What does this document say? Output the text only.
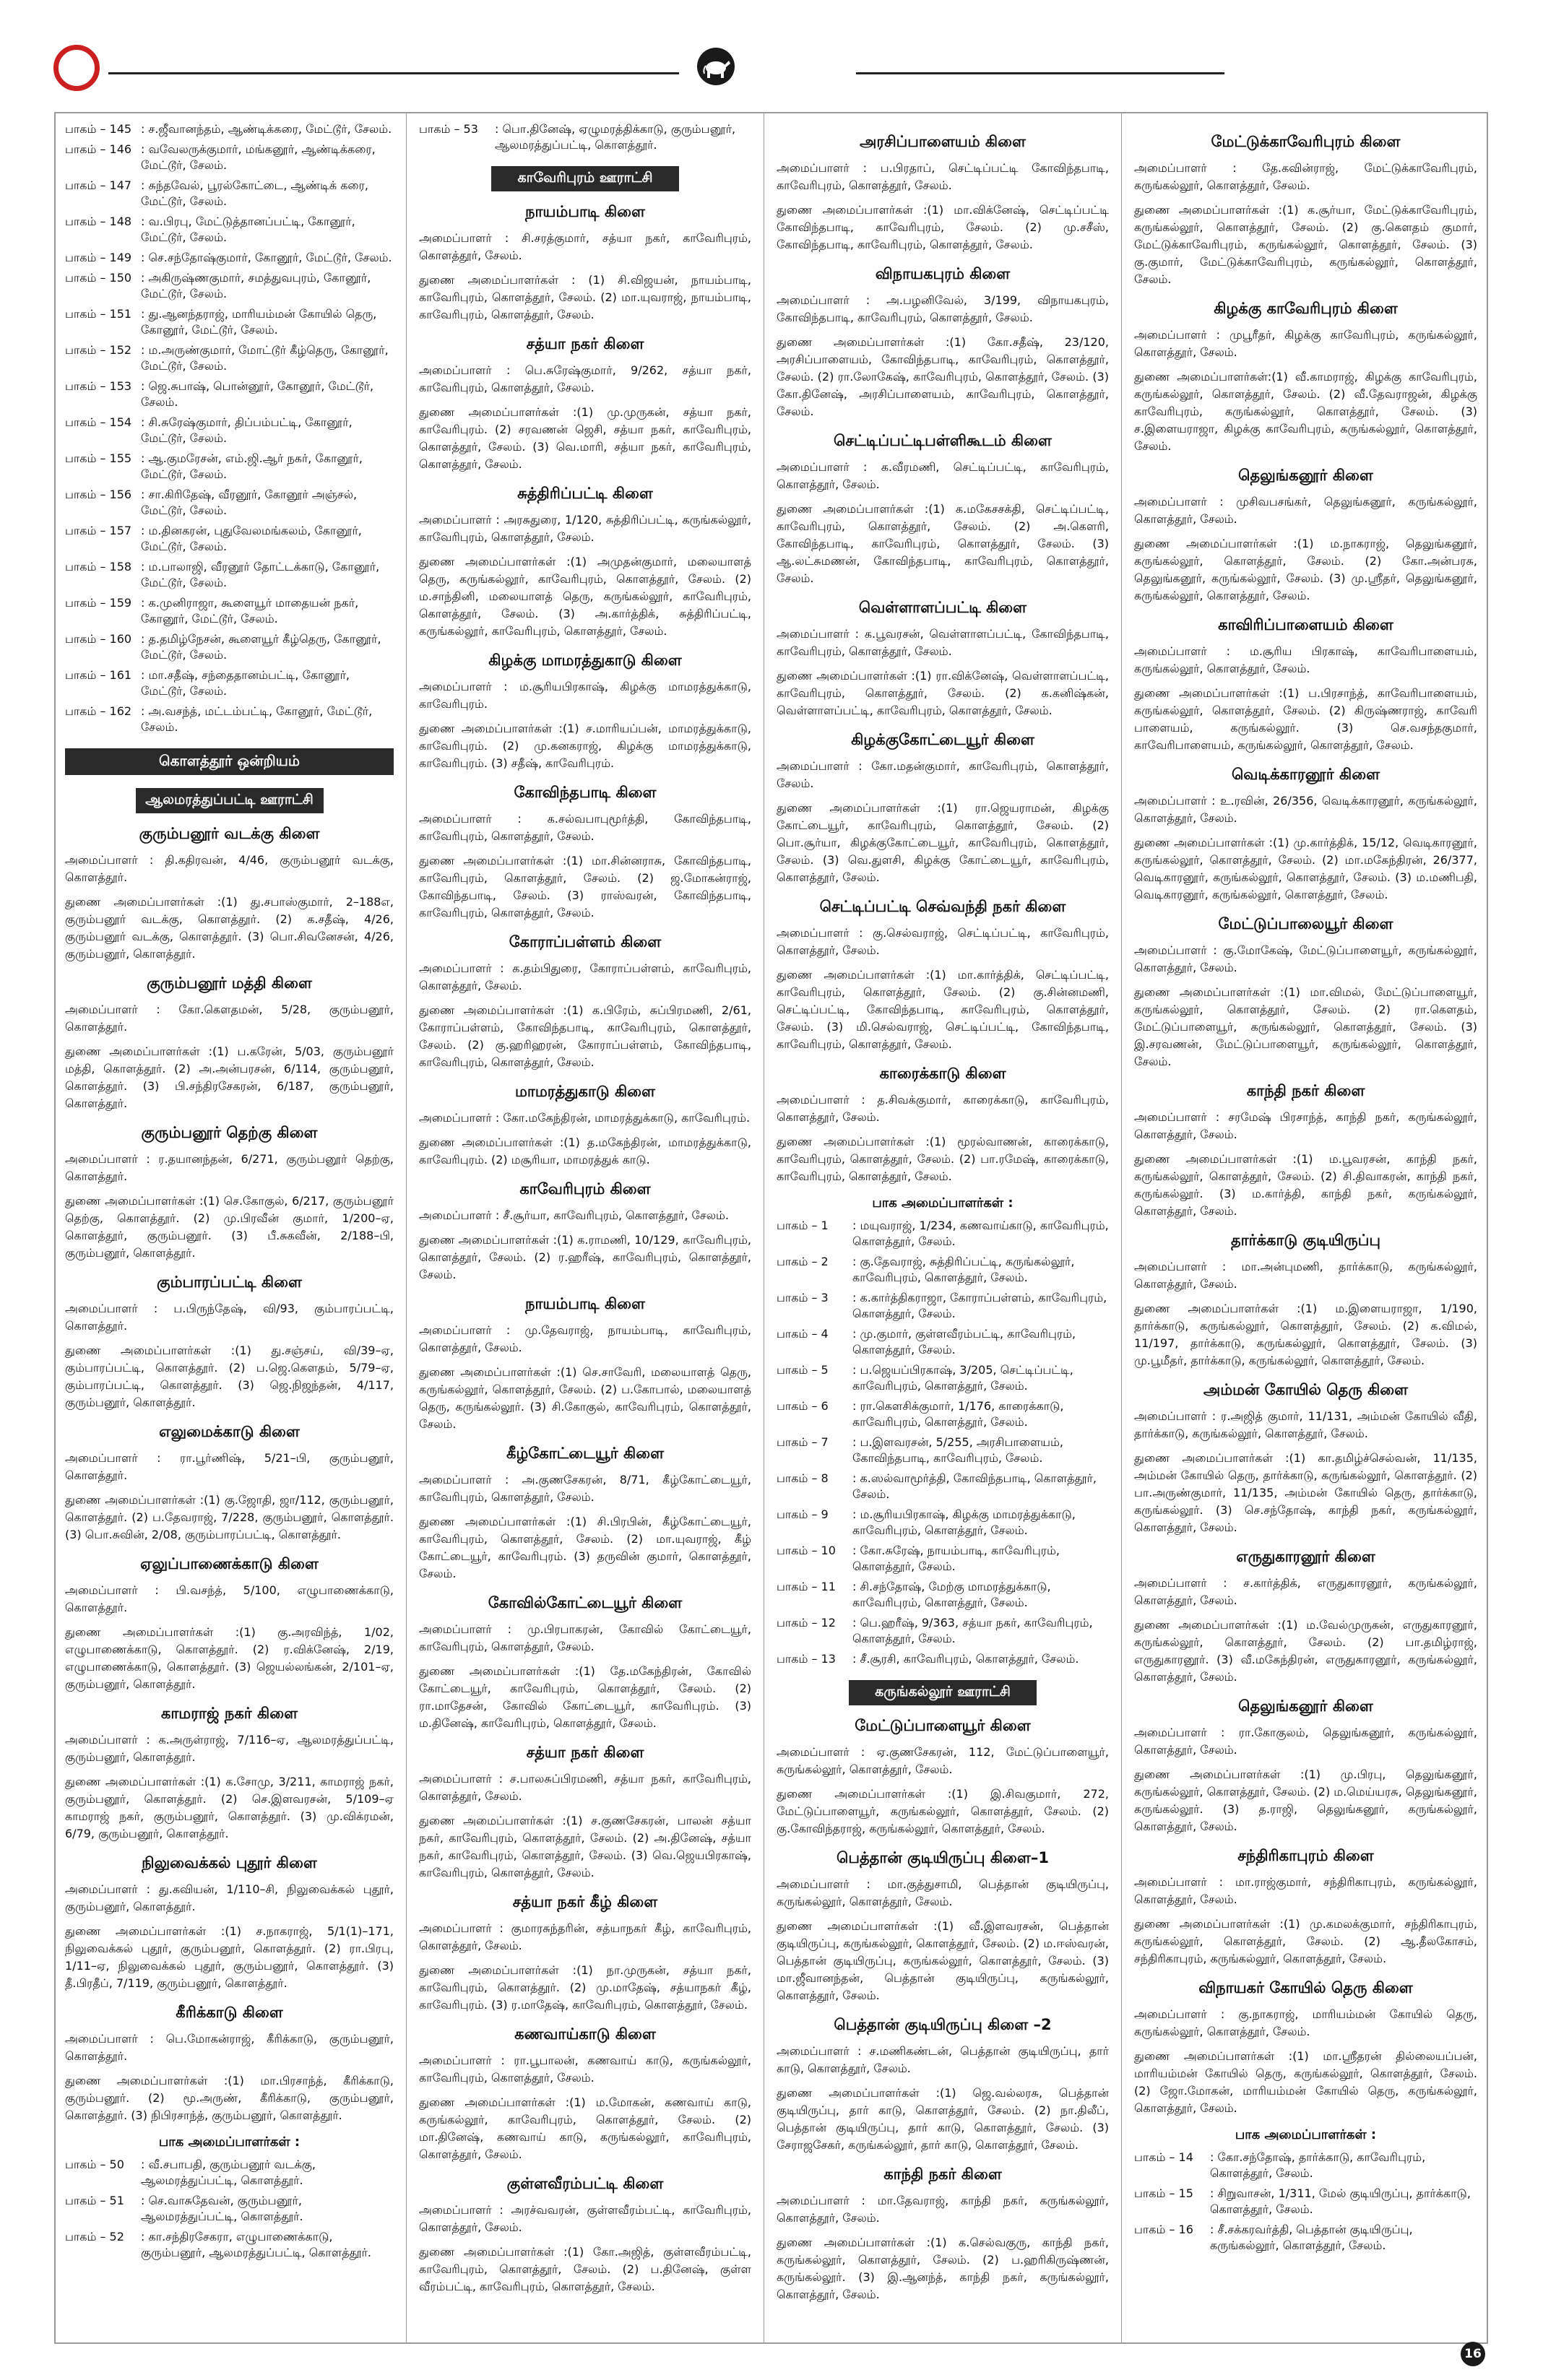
பாகம் – 145 : ச.ஜீவானந்தம், ஆண்டிக்கரை, மேட்டூர், சேலம்.
பாகம் – 146 : வவேலருக்குமார், மங்கனூர், ஆண்டிக்கரை, மேட்டூர், சேலம்.
பாகம் – 147 : சுந்தவேல், பூரல்கோட்டை, ஆண்டிக் கரை, மேட்டூர், சேலம்.
பாகம் – 148 : வ.பிரபு, மேட்டுத்தானப்பட்டி, கோனூர், மேட்டூர், சேலம்.
பாகம் – 149 : செ.சந்தோஷ்குமார், கோனூர், மேட்டூர், சேலம்.
பாகம் – 150 : அகிருஷ்ணகுமார், சமத்துவபுரம், கோனூர், மேட்டூர், சேலம்.
பாகம் – 151 : து.ஆனந்தராஜ், மாரியம்மன் கோயில் தெரு, கோனூர், மேட்டூர், சேலம்.
பாகம் – 152 : ம.அருண்குமார், மோட்டூர் கீழ்தெரு, கோனூர், மேட்டூர், சேலம்.
பாகம் – 153 : ஜெ.சுபாஷ், பொன்னூர், கோனூர், மேட்டூர், சேலம்.
பாகம் – 154 : சி.சுரேஷ்குமார், திப்பம்பட்டி, கோனூர், மேட்டூர், சேலம்.
பாகம் – 155 : ஆ.குமரேசன், எம்.ஜி.ஆர் நகர், கோனூர், மேட்டூர், சேலம்.
பாகம் – 156 : சா.கிரிதேஷ், வீரனூர், கோனூர் அஞ்சல், மேட்டூர், சேலம்.
பாகம் – 157 : ம.தினகரன், புதுவேலமங்கலம், கோனூர், மேட்டூர், சேலம்.
பாகம் – 158 : ம.பாலாஜி, வீரனூர் தோட்டக்காடு, கோனூர், மேட்டூர், சேலம்.
பாகம் – 159 : க.முனிராஜா, கூளையூர் மாதையன் நகர், கோனூர், மேட்டூர், சேலம்.
பாகம் – 160 : த.தமிழ்நேசன், கூளையூர் கீழ்தெரு, கோனூர், மேட்டூர், சேலம்.
பாகம் – 161 : மா.சதீஷ், சந்தைதானம்பட்டி, கோனூர், மேட்டூர், சேலம்.
பாகம் – 162 : அ.வசந்த், மட்டம்பட்டி, கோனூர், மேட்டூர், சேலம்.
கொளத்தூர் ஒன்றியம்
ஆலமரத்துப்பட்டி ஊராட்சி
குரும்பனூர் வடக்கு கிளை

அமைப்பாளர் : தி.கதிரவன், 4/46, குரும்பனூர் வடக்கு, கொளத்தூர்.

துணை அமைப்பாளர்கள் :(1) து.சபாஸ்குமார், 2–188எ, குரும்பனூர் வடக்கு, கொளத்தூர். (2) க.சதீஷ், 4/26, குரும்பனூர் வடக்கு, கொளத்தூர். (3) பொ.சிவனேசன், 4/26, குரும்பனூர், கொளத்தூர்.

குரும்பனூர் மத்தி கிளை

அமைப்பாளர் : கோ.கௌதமன், 5/28, குரும்பனூர், கொளத்தூர்.

துணை அமைப்பாளர்கள் :(1) ப.கரேன், 5/03, குரும்பனூர் மத்தி, கொளத்தூர். (2) அ.அன்பரசன், 6/114, குரும்பனூர், கொளத்தூர். (3) பி.சந்திரசேகரன், 6/187, குரும்பனூர், கொளத்தூர்.

குரும்பனூர் தெற்கு கிளை

அமைப்பாளர் : ர.தயானந்தன், 6/271, குரும்பனூர் தெற்கு, கொளத்தூர்.

துணை அமைப்பாளர்கள் :(1) செ.கோகுல், 6/217, குரும்பனூர் தெற்கு, கொளத்தூர். (2) மு.பிரவீன் குமார், 1/200–ஏ, கொளத்தூர், குரும்பனூர். (3) பீ.சுகவீன், 2/188–பி, குரும்பனூர், கொளத்தூர்.

கும்பாரப்பட்டி கிளை

அமைப்பாளர் : ப.பிருந்தேஷ், வி/93, கும்பாரப்பட்டி, கொளத்தூர்.

துணை அமைப்பாளர்கள் :(1) து.சஞ்சய், வி/39–ஏ, கும்பாரப்பட்டி, கொளத்தூர். (2) ப.ஜெ.கௌதம், 5/79–ஏ, கும்பாரப்பட்டி, கொளத்தூர். (3) ஜெ.நிஜந்தன், 4/117, குரும்பனூர், கொளத்தூர்.

எலுமைக்காடு கிளை

அமைப்பாளர் : ரா.பூர்ணிஷ், 5/21–பி, குரும்பனூர், கொளத்தூர்.

துணை அமைப்பாளர்கள் :(1) கு.ஜோதி, ஜா/112, குரும்பனூர், கொளத்தூர். (2) ப.தேவராஜ், 7/228, குரும்பனூர், கொளத்தூர். (3) பொ.சுவின், 2/08, குரும்பாரப்பட்டி, கொளத்தூர்.

ஏலுப்பாணைக்காடு கிளை

அமைப்பாளர் : பி.வசந்த், 5/100, எழுபாணைக்காடு, கொளத்தூர்.

துணை அமைப்பாளர்கள் :(1) கு.அரவிந்த், 1/02, எழுபாணைக்காடு, கொளத்தூர். (2) ர.விக்னேஷ், 2/19, எழுபாணைக்காடு, கொளத்தூர். (3) ஜெயல்லங்கன், 2/101–ஏ, குரும்பனூர், கொளத்தூர்.

காமராஜ் நகர் கிளை

அமைப்பாளர் : க.அருள்ராஜ், 7/116–ஏ, ஆலமரத்துப்பட்டி, குரும்பனூர், கொளத்தூர்.

துணை அமைப்பாளர்கள் :(1) க.சோமு, 3/211, காமராஜ் நகர், குரும்பனூர், கொளத்தூர். (2) செ.இளவரசன், 5/109–ஏ காமராஜ் நகர், குரும்பனூர், கொளத்தூர். (3) மு.விக்ரமன், 6/79, குரும்பனூர், கொளத்தூர்.

நிலுவைக்கல் புதூர் கிளை

அமைப்பாளர் : து.கவியன், 1/110–சி, நிலுவைக்கல் புதூர், குரும்பனூர், கொளத்தூர்.

துணை அமைப்பாளர்கள் :(1) ச.நாகராஜ், 5/1(1)–171, நிலுவைக்கல் புதூர், குரும்பனூர், கொளத்தூர். (2) ரா.பிரபு, 1/11–ஏ, நிலுவைக்கல் புதூர், குரும்பனூர், கொளத்தூர். (3) தீ.பிரதீப், 7/119, குரும்பனூர், கொளத்தூர்.

கீரிக்காடு கிளை

அமைப்பாளர் : பெ.மோகன்ராஜ், கீரிக்காடு, குரும்பனூர், கொளத்தூர்.

துணை அமைப்பாளர்கள் :(1) மா.பிரசாந்த், கீரிக்காடு, குரும்பனூர். (2) மூ.அருண், கீரிக்காடு, குரும்பனூர், கொளத்தூர். (3) நிபிரசாந்த், குரும்பனூர், கொளத்தூர்.

பாக அமைப்பாளர்கள் :
பாகம் – 50	: வீ.சபாபதி, குரும்பனூர் வடக்கு, ஆலமரத்துப்பட்டி, கொளத்தூர்.
பாகம் – 51	: செ.வாசுதேவன், குரும்பனூர், ஆலமரத்துப்பட்டி, கொளத்தூர்.
பாகம் – 52	: கா.சந்திரசேகரா, எழுபாணைக்காடு, குரும்பனூர், ஆலமரத்துப்பட்டி, கொளத்தூர்.
பாகம் – 53	: பொ.தினேஷ், ஏழுமரத்திக்காடு, குரும்பனூர், ஆலமரத்துப்பட்டி, கொளத்தூர்.
காவேரிபுரம் ஊராட்சி
நாயம்பாடி கிளை

அமைப்பாளர் : சி.சரத்குமார், சத்யா நகர், காவேரிபுரம், கொளத்தூர், சேலம்.

துணை அமைப்பாளர்கள் : (1) சி.விஜயன், நாயம்பாடி, காவேரிபுரம், கொளத்தூர், சேலம். (2) மா.யுவராஜ், நாயம்பாடி, காவேரிபுரம், கொளத்தூர், சேலம்.

சத்யா நகர் கிளை

அமைப்பாளர் : பெ.சுரேஷ்குமார், 9/262, சத்யா நகர், காவேரிபுரம், கொளத்தூர், சேலம்.

துணை அமைப்பாளர்கள் :(1) மு.முருகன், சத்யா நகர், காவேரிபுரம். (2) சரவணன் ஜெசி, சத்யா நகர், காவேரிபுரம், கொளத்தூர், சேலம். (3) வெ.மாரி, சத்யா நகர், காவேரிபுரம், கொளத்தூர், சேலம்.

சுத்திரிப்பட்டி கிளை

அமைப்பாளர் : அரசுதுரை, 1/120, சுத்திரிப்பட்டி, கருங்கல்லூர், காவேரிபுரம், கொளத்தூர், சேலம்.

துணை அமைப்பாளர்கள் :(1) அமுதன்குமார், மலையாளத் தெரு, கருங்கல்லூர், காவேரிபுரம், கொளத்தூர், சேலம். (2) ம.சாந்தினி, மலையாளத் தெரு, கருங்கல்லூர், காவேரிபுரம், கொளத்தூர், சேலம். (3) அ.கார்த்திக், சுத்திரிப்பட்டி, கருங்கல்லூர், காவேரிபுரம், கொளத்தூர், சேலம்.

கிழக்கு மாமரத்துகாடு கிளை

அமைப்பாளர் : ம.சூரியபிரகாஷ், கிழக்கு மாமரத்துக்காடு, காவேரிபுரம்.

துணை அமைப்பாளர்கள் :(1) ச.மாரியப்பன், மாமரத்துக்காடு, காவேரிபுரம். (2) மு.கனகராஜ், கிழக்கு மாமரத்துக்காடு, காவேரிபுரம். (3) சதீஷ், காவேரிபுரம்.

கோவிந்தபாடி கிளை

அமைப்பாளர் : க.சல்வபாபுமூர்த்தி, கோவிந்தபாடி, காவேரிபுரம், கொளத்தூர், சேலம்.

துணை அமைப்பாளர்கள் :(1) மா.சின்னராசு, கோவிந்தபாடி, காவேரிபுரம், கொளத்தூர், சேலம். (2) ஜ.மோகன்ராஜ், கோவிந்தபாடி, சேலம். (3) ராஸ்வரன், கோவிந்தபாடி, காவேரிபுரம், கொளத்தூர், சேலம்.

கோராப்பள்ளம் கிளை

அமைப்பாளர் : க.தம்பிதுரை, கோராப்பள்ளம், காவேரிபுரம், கொளத்தூர், சேலம்.

துணை அமைப்பாளர்கள் :(1) க.பிரேம், சுப்பிரமணி, 2/61, கோராப்பள்ளம், கோவிந்தபாடி, காவேரிபுரம், கொளத்தூர், சேலம். (2) கு.ஹரிஹரன், கோராப்பள்ளம், கோவிந்தபாடி, காவேரிபுரம், கொளத்தூர், சேலம்.

மாமரத்துகாடு கிளை

அமைப்பாளர் : கோ.மகேந்திரன், மாமரத்துக்காடு, காவேரிபுரம்.

துணை அமைப்பாளர்கள் :(1) த.மகேந்திரன், மாமரத்துக்காடு, காவேரிபுரம். (2) மசூரியா, மாமரத்துக் காடு.

காவேரிபுரம் கிளை

அமைப்பாளர் : சீ.சூர்யா, காவேரிபுரம், கொளத்தூர், சேலம்.

துணை அமைப்பாளர்கள் :(1) க.ராமணி, 10/129, காவேரிபுரம், கொளத்தூர், சேலம். (2) ர.ஹரீஷ், காவேரிபுரம், கொளத்தூர், சேலம்.

நாயம்பாடி கிளை

அமைப்பாளர் : மு.தேவராஜ், நாயம்பாடி, காவேரிபுரம், கொளத்தூர், சேலம்.

துணை அமைப்பாளர்கள் :(1) செ.சாவேரி, மலையாளத் தெரு, கருங்கல்லூர், கொளத்தூர், சேலம். (2) ப.கோபால், மலையாளத் தெரு, கருங்கல்லூர். (3) சி.கோகுல், காவேரிபுரம், கொளத்தூர், சேலம்.

கீழ்கோட்டையூர் கிளை

அமைப்பாளர் : அ.குணசேகரன், 8/71, கீழ்கோட்டையூர், காவேரிபுரம், கொளத்தூர், சேலம்.

துணை அமைப்பாளர்கள் :(1) சி.பிரபின், கீழ்கோட்டையூர், காவேரிபுரம், கொளத்தூர், சேலம். (2) மா.யுவராஜ், கீழ் கோட்டையூர், காவேரிபுரம். (3) தருவின் குமார், கொளத்தூர், சேலம்.

கோவில்கோட்டையூர் கிளை

அமைப்பாளர் : மு.பிரபாகரன், கோவில் கோட்டையூர், காவேரிபுரம், கொளத்தூர், சேலம்.

துணை அமைப்பாளர்கள் :(1) தே.மகேந்திரன், கோவில் கோட்டையூர், காவேரிபுரம், கொளத்தூர், சேலம். (2) ரா.மாதேசன், கோவில் கோட்டையூர், காவேரிபுரம். (3) ம.தினேஷ், காவேரிபுரம், கொளத்தூர், சேலம்.

சத்யா நகர் கிளை

அமைப்பாளர் : ச.பாலசுப்பிரமணி, சத்யா நகர், காவேரிபுரம், கொளத்தூர், சேலம்.

துணை அமைப்பாளர்கள் :(1) ச.குணசேகரன், பாலன் சத்யா நகர், காவேரிபுரம், கொளத்தூர், சேலம். (2) அ.தினேஷ், சத்யா நகர், காவேரிபுரம், கொளத்தூர், சேலம். (3) வெ.ஜெயபிரகாஷ், காவேரிபுரம், கொளத்தூர், சேலம்.

சத்யா நகர் கீழ் கிளை

அமைப்பாளர் : குமாரசுந்தரின், சத்யாநகர் கீழ், காவேரிபுரம், கொளத்தூர், சேலம்.

துணை அமைப்பாளர்கள் :(1) நா.முருகன், சத்யா நகர், காவேரிபுரம், கொளத்தூர். (2) மு.மாதேஷ், சத்யாநகர் கீழ், காவேரிபுரம். (3) ர.மாதேஷ், காவேரிபுரம், கொளத்தூர், சேலம்.

கணவாய்காடு கிளை

அமைப்பாளர் : ரா.பூபாலன், கணவாய் காடு, கருங்கல்லூர், காவேரிபுரம், கொளத்தூர், சேலம்.

துணை அமைப்பாளர்கள் :(1) ம.மோகன், கணவாய் காடு, கருங்கல்லூர், காவேரிபுரம், கொளத்தூர், சேலம். (2) மா.தினேஷ், கணவாய் காடு, கருங்கல்லூர், காவேரிபுரம், கொளத்தூர், சேலம்.

குள்ளவீரம்பட்டி கிளை

அமைப்பாளர் : அரச்வவரன், குள்ளவீரம்பட்டி, காவேரிபுரம், கொளத்தூர், சேலம்.

துணை அமைப்பாளர்கள் :(1) கோ.அஜித், குள்ளவீரம்பட்டி, காவேரிபுரம், கொளத்தூர், சேலம். (2) ப.தினேஷ், குள்ள வீரம்பட்டி, காவேரிபுரம், கொளத்தூர், சேலம்.

அரசிப்பாளையம் கிளை

அமைப்பாளர் : ப.பிரதாப், செட்டிப்பட்டி கோவிந்தபாடி, காவேரிபுரம், கொளத்தூர், சேலம்.

துணை அமைப்பாளர்கள் :(1) மா.விக்னேஷ், செட்டிப்பட்டி கோவிந்தபாடி, காவேரிபுரம், சேலம். (2) மு.சசீஸ், கோவிந்தபாடி, காவேரிபுரம், கொளத்தூர், சேலம்.

விநாயகபுரம் கிளை

அமைப்பாளர் : அ.பழனிவேல், 3/199, விநாயகபுரம், கோவிந்தபாடி, காவேரிபுரம், கொளத்தூர், சேலம்.

துணை அமைப்பாளர்கள் :(1) கோ.சதீஷ், 23/120, அரசிப்பாளையம், கோவிந்தபாடி, காவேரிபுரம், கொளத்தூர், சேலம். (2) ரா.லோகேஷ், காவேரிபுரம், கொளத்தூர், சேலம். (3) கோ.தினேஷ், அரசிப்பாளையம், காவேரிபுரம், கொளத்தூர், சேலம்.

செட்டிப்பட்டிபள்ளிகூடம் கிளை

அமைப்பாளர் : க.வீரமணி, செட்டிப்பட்டி, காவேரிபுரம், கொளத்தூர், சேலம்.

துணை அமைப்பாளர்கள் :(1) க.மகேசசக்தி, செட்டிப்பட்டி, காவேரிபுரம், கொளத்தூர், சேலம். (2) அ.கௌரி, கோவிந்தபாடி, காவேரிபுரம், கொளத்தூர், சேலம். (3) ஆ.லட்சுமணன், கோவிந்தபாடி, காவேரிபுரம், கொளத்தூர், சேலம்.

வெள்ளாளப்பட்டி கிளை

அமைப்பாளர் : க.பூவரசன், வெள்ளாளப்பட்டி, கோவிந்தபாடி, காவேரிபுரம், கொளத்தூர், சேலம்.

துணை அமைப்பாளர்கள் :(1) ரா.விக்னேஷ், வெள்ளாளப்பட்டி, காவேரிபுரம், கொளத்தூர், சேலம். (2) க.கனிஷ்கன், வெள்ளாளப்பட்டி, காவேரிபுரம், கொளத்தூர், சேலம்.

கிழக்குகோட்டையூர் கிளை

அமைப்பாளர் : கோ.மதன்குமார், காவேரிபுரம், கொளத்தூர், சேலம்.

துணை அமைப்பாளர்கள் :(1) ரா.ஜெயராமன், கிழக்கு கோட்டையூர், காவேரிபுரம், கொளத்தூர், சேலம். (2) பொ.சூர்யா, கிழக்குகோட்டையூர், காவேரிபுரம், கொளத்தூர், சேலம். (3) வெ.துளசி, கிழக்கு கோட்டையூர், காவேரிபுரம், கொளத்தூர், சேலம்.

செட்டிப்பட்டி செவ்வந்தி நகர் கிளை

அமைப்பாளர் : கு.செல்வராஜ், செட்டிப்பட்டி, காவேரிபுரம், கொளத்தூர், சேலம்.

துணை அமைப்பாளர்கள் :(1) மா.கார்த்திக், செட்டிப்பட்டி, காவேரிபுரம், கொளத்தூர், சேலம். (2) கு.சின்னமணி, செட்டிப்பட்டி, கோவிந்தபாடி, காவேரிபுரம், கொளத்தூர், சேலம். (3) மி.செல்வராஜ், செட்டிப்பட்டி, கோவிந்தபாடி, காவேரிபுரம், கொளத்தூர், சேலம்.

காரைக்காடு கிளை

அமைப்பாளர் : த.சிவக்குமார், காரைக்காடு, காவேரிபுரம், கொளத்தூர், சேலம்.

துணை அமைப்பாளர்கள் :(1) மூரல்வாணன், காரைக்காடு, காவேரிபுரம், கொளத்தூர், சேலம். (2) பா.ரமேஷ், காரைக்காடு, காவேரிபுரம், கொளத்தூர், சேலம்.

பாக அமைப்பாளர்கள் :
பாகம் – 1	: மயுவராஜ், 1/234, கணவாய்காடு, காவேரிபுரம், கொளத்தூர், சேலம்.
பாகம் – 2	: கு.தேவராஜ், சுத்திரிப்பட்டி, கருங்கல்லூர், காவேரிபுரம், கொளத்தூர், சேலம்.
பாகம் – 3	: க.கார்த்திகராஜா, கோராப்பள்ளம், காவேரிபுரம், கொளத்தூர், சேலம்.
பாகம் – 4	: மு.குமார், குள்ளவீரம்பட்டி, காவேரிபுரம், கொளத்தூர், சேலம்.
பாகம் – 5	: ப.ஜெயப்பிரகாஷ், 3/205, செட்டிப்பட்டி, காவேரிபுரம், கொளத்தூர், சேலம்.
பாகம் – 6	: ரா.கௌசிக்குமார், 1/176, காரைக்காடு, காவேரிபுரம், கொளத்தூர், சேலம்.
பாகம் – 7	: ப.இளவரசன், 5/255, அரசிபாளையம், கோவிந்தபாடி, காவேரிபுரம், சேலம்.
பாகம் – 8	: க.ஸல்வாமூர்த்தி, கோவிந்தபாடி, கொளத்தூர், சேலம்.
பாகம் – 9	: ம.சூரியபிரகாஷ், கிழக்கு மாமரத்துக்காடு, காவேரிபுரம், கொளத்தூர், சேலம்.
பாகம் – 10	: கோ.சுரேஷ், நாயம்பாடி, காவேரிபுரம், கொளத்தூர், சேலம்.
பாகம் – 11	: சி.சந்தோஷ், மேற்கு மாமரத்துக்காடு, காவேரிபுரம், கொளத்தூர், சேலம்.
பாகம் – 12	: பெ.ஹரீஷ், 9/363, சத்யா நகர், காவேரிபுரம், கொளத்தூர், சேலம்.
பாகம் – 13	: சீ.சூரசி, காவேரிபுரம், கொளத்தூர், சேலம்.
கருங்கல்லூர் ஊராட்சி
மேட்டுப்பாளையூர் கிளை

அமைப்பாளர் : ஏ.குணசேகரன், 112, மேட்டுப்பாளையூர், கருங்கல்லூர், கொளத்தூர், சேலம்.

துணை அமைப்பாளர்கள் :(1) இ.சிவகுமார், 272, மேட்டுப்பாளையூர், கருங்கல்லூர், கொளத்தூர், சேலம். (2) கு.கோவிந்தராஜ், கருங்கல்லூர், கொளத்தூர், சேலம்.

பெத்தான் குடியிருப்பு கிளை–1

அமைப்பாளர் : மா.குத்துசாமி, பெத்தான் குடியிருப்பு, கருங்கல்லூர், கொளத்தூர், சேலம்.

துணை அமைப்பாளர்கள் :(1) வீ.இளவரசன், பெத்தான் குடியிருப்பு, கருங்கல்லூர், கொளத்தூர், சேலம். (2) ம.ஈஸ்வரன், பெத்தான் குடியிருப்பு, கருங்கல்லூர், கொளத்தூர், சேலம். (3) மா.ஜீவானந்தன், பெத்தான் குடியிருப்பு, கருங்கல்லூர், கொளத்தூர், சேலம்.

பெத்தான் குடியிருப்பு கிளை –2

அமைப்பாளர் : ச.மணிகண்டன், பெத்தான் குடியிருப்பு, தார் காடு, கொளத்தூர், சேலம்.

துணை அமைப்பாளர்கள் :(1) ஜெ.வல்லரசு, பெத்தான் குடியிருப்பு, தார் காடு, கொளத்தூர், சேலம். (2) நா.திலீப், பெத்தான் குடியிருப்பு, தார் காடு, கொளத்தூர், சேலம். (3) சேராஜசேகர், கருங்கல்லூர், தார் காடு, கொளத்தூர், சேலம்.

காந்தி நகர் கிளை

அமைப்பாளர் : மா.தேவராஜ், காந்தி நகர், கருங்கல்லூர், கொளத்தூர், சேலம்.

துணை அமைப்பாளர்கள் :(1) க.செல்வகுரு, காந்தி நகர், கருங்கல்லூர், கொளத்தூர், சேலம். (2) ப.ஹரிகிருஷ்ணன், கருங்கல்லூர். (3) இ.ஆனந்த், காந்தி நகர், கருங்கல்லூர், கொளத்தூர், சேலம்.

மேட்டுக்காவேரிபுரம் கிளை

அமைப்பாளர் : தே.கவின்ராஜ், மேட்டுக்காவேரிபுரம், கருங்கல்லூர், கொளத்தூர், சேலம்.

துணை அமைப்பாளர்கள் :(1) க.சூர்யா, மேட்டுக்காவேரிபுரம், கருங்கல்லூர், கொளத்தூர், சேலம். (2) கு.கௌதம் குமார், மேட்டுக்காவேரிபுரம், கருங்கல்லூர், கொளத்தூர், சேலம். (3) கு.குமார், மேட்டுக்காவேரிபுரம், கருங்கல்லூர், கொளத்தூர், சேலம்.

கிழக்கு காவேரிபுரம் கிளை

அமைப்பாளர் : முபூரீதர், கிழக்கு காவேரிபுரம், கருங்கல்லூர், கொளத்தூர், சேலம்.

துணை அமைப்பாளர்கள்:(1) வீ.காமராஜ், கிழக்கு காவேரிபுரம், கருங்கல்லூர், கொளத்தூர், சேலம். (2) வீ.தேவராஜன், கிழக்கு காவேரிபுரம், கருங்கல்லூர், கொளத்தூர், சேலம். (3) ச.இளையராஜா, கிழக்கு காவேரிபுரம், கருங்கல்லூர், கொளத்தூர், சேலம்.

தெலுங்கனூர் கிளை

அமைப்பாளர் : முசிவபசங்கர், தெலுங்கனூர், கருங்கல்லூர், கொளத்தூர், சேலம்.

துணை அமைப்பாளர்கள் :(1) ம.நாகராஜ், தெலுங்கனூர், கருங்கல்லூர், கொளத்தூர், சேலம். (2) கோ.அன்பரசு, தெலுங்கனூர், கருங்கல்லூர், சேலம். (3) மு.ஸ்ரீதர், தெலுங்கனூர், கருங்கல்லூர், கொளத்தூர், சேலம்.

காவிரிப்பாளையம் கிளை

அமைப்பாளர் : ம.சூரிய பிரகாஷ், காவேரிபாளையம், கருங்கல்லூர், கொளத்தூர், சேலம்.

துணை அமைப்பாளர்கள் :(1) ப.பிரசாந்த், காவேரிபாளையம், கருங்கல்லூர், கொளத்தூர், சேலம். (2) கிருஷ்ணராஜ், காவேரி பாளையம், கருங்கல்லூர். (3) செ.வசந்தகுமார், காவேரிபாளையம், கருங்கல்லூர், கொளத்தூர், சேலம்.

வெடிக்காரனூர் கிளை

அமைப்பாளர் : உ.ரவின், 26/356, வெடிக்காரனூர், கருங்கல்லூர், கொளத்தூர், சேலம்.

துணை அமைப்பாளர்கள் :(1) மு.கார்த்திக், 15/12, வெடிகாரனூர், கருங்கல்லூர், கொளத்தூர், சேலம். (2) மா.மகேந்திரன், 26/377, வெடிகாரனூர், கருங்கல்லூர், கொளத்தூர், சேலம். (3) ம.மணிபதி, வெடிகாரனூர், கருங்கல்லூர், கொளத்தூர், சேலம்.

மேட்டுப்பாலையூர் கிளை

அமைப்பாளர் : கு.மோகேஷ், மேட்டுப்பாளையூர், கருங்கல்லூர், கொளத்தூர், சேலம்.

துணை அமைப்பாளர்கள் :(1) மா.விமல், மேட்டுப்பாளையூர், கருங்கல்லூர், கொளத்தூர், சேலம். (2) ரா.கௌதம், மேட்டுப்பாளையூர், கருங்கல்லூர், கொளத்தூர், சேலம். (3) இ.சரவணன், மேட்டுப்பாளையூர், கருங்கல்லூர், கொளத்தூர், சேலம்.

காந்தி நகர் கிளை

அமைப்பாளர் : சரமேஷ் பிரசாந்த், காந்தி நகர், கருங்கல்லூர், கொளத்தூர், சேலம்.

துணை அமைப்பாளர்கள் :(1) ம.பூவரசன், காந்தி நகர், கருங்கல்லூர், கொளத்தூர், சேலம். (2) சி.திவாகரன், காந்தி நகர், கருங்கல்லூர். (3) ம.கார்த்தி, காந்தி நகர், கருங்கல்லூர், கொளத்தூர், சேலம்.

தார்க்காடு குடியிருப்பு

அமைப்பாளர் : மா.அன்புமணி, தார்க்காடு, கருங்கல்லூர், கொளத்தூர், சேலம்.

துணை அமைப்பாளர்கள் :(1) ம.இளையராஜா, 1/190, தார்க்காடு, கருங்கல்லூர், கொளத்தூர், சேலம். (2) க.விமல், 11/197, தார்க்காடு, கருங்கல்லூர், கொளத்தூர், சேலம். (3) மு.பூமீதர், தார்க்காடு, கருங்கல்லூர், கொளத்தூர், சேலம்.

அம்மன் கோயில் தெரு கிளை

அமைப்பாளர் : ர.அஜித் குமார், 11/131, அம்மன் கோயில் வீதி, தார்க்காடு, கருங்கல்லூர், கொளத்தூர், சேலம்.

துணை அமைப்பாளர்கள் :(1) கா.தமிழ்ச்செல்வன், 11/135, அம்மன் கோயில் தெரு, தார்க்காடு, கருங்கல்லூர், கொளத்தூர். (2) பா.அருண்குமார், 11/135, அம்மன் கோயில் தெரு, தார்க்காடு, கருங்கல்லூர். (3) செ.சந்தோஷ், காந்தி நகர், கருங்கல்லூர், கொளத்தூர், சேலம்.

எருதுகாரனூர் கிளை

அமைப்பாளர் : ச.கார்த்திக், எருதுகாரனூர், கருங்கல்லூர், கொளத்தூர், சேலம்.

துணை அமைப்பாளர்கள் :(1) ம.வேல்முருகன், எருதுகாரனூர், கருங்கல்லூர், கொளத்தூர், சேலம். (2) பா.தமிழ்ராஜ், எருதுகாரனூர். (3) வீ.மகேந்திரன், எருதுகாரனூர், கருங்கல்லூர், கொளத்தூர், சேலம்.

தெலுங்கனூர் கிளை

அமைப்பாளர் : ரா.கோகுலம், தெலுங்கனூர், கருங்கல்லூர், கொளத்தூர், சேலம்.

துணை அமைப்பாளர்கள் :(1) மு.பிரபு, தெலுங்கனூர், கருங்கல்லூர், கொளத்தூர், சேலம். (2) ம.மெய்யரசு, தெலுங்கனூர், கருங்கல்லூர். (3) த.ராஜி, தெலுங்கனூர், கருங்கல்லூர், கொளத்தூர், சேலம்.

சந்திரிகாபுரம் கிளை

அமைப்பாளர் : மா.ராஜ்குமார், சந்திரிகாபுரம், கருங்கல்லூர், கொளத்தூர், சேலம்.

துணை அமைப்பாளர்கள் :(1) மு.கமலக்குமார், சந்திரிகாபுரம், கருங்கல்லூர், கொளத்தூர், சேலம். (2) ஆ.தீலகோசம், சந்திரிகாபுரம், கருங்கல்லூர், கொளத்தூர், சேலம்.

விநாயகர் கோயில் தெரு கிளை

அமைப்பாளர் : கு.நாகராஜ், மாரியம்மன் கோயில் தெரு, கருங்கல்லூர், கொளத்தூர், சேலம்.

துணை அமைப்பாளர்கள் :(1) மா.ஸ்ரீதரன் தில்லையப்பன், மாரியம்மன் கோயில் தெரு, கருங்கல்லூர், கொளத்தூர், சேலம். (2) ஜோ.மோகன், மாரியம்மன் கோயில் தெரு, கருங்கல்லூர், கொளத்தூர், சேலம்.

பாக அமைப்பாளர்கள் :
பாகம் – 14	: கோ.சந்தோஷ், தார்க்காடு, காவேரிபுரம், கொளத்தூர், சேலம்.
பாகம் – 15	: சிறுவாசன், 1/311, மேல் குடியிருப்பு, தார்க்காடு, கொளத்தூர், சேலம்.
பாகம் – 16	: சீ.சக்கரவர்த்தி, பெத்தான் குடியிருப்பு, கருங்கல்லூர், கொளத்தூர், சேலம்.
16
